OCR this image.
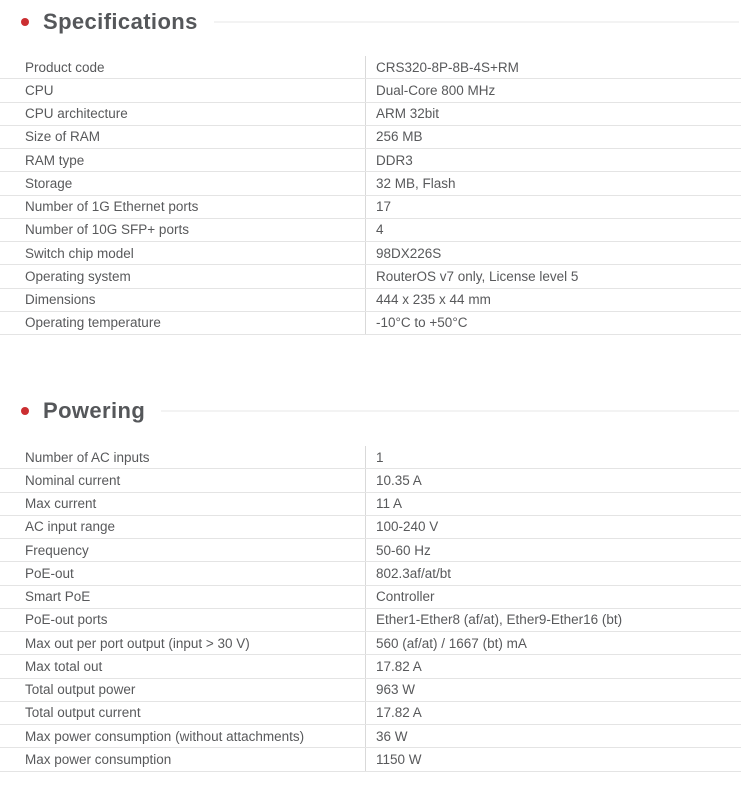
Specifications
Product code	CRS320-8P-8B-4S+RM
CPU	Dual-Core 800 MHz
CPU architecture	ARM 32bit
Size of RAM	256 MB
RAM type	DDR3
Storage	32 MB, Flash
Number of 1G Ethernet ports	17
Number of 10G SFP+ ports	4
Switch chip model	98DX226S
Operating system	RouterOS v7 only, License level 5
Dimensions	444 x 235 x 44 mm
Operating temperature	-10°C to +50°C
Powering
Number of AC inputs	1
Nominal current	10.35 A
Max current	11 A
AC input range	100-240 V
Frequency	50-60 Hz
PoE-out	802.3af/at/bt
Smart PoE	Controller
PoE-out ports	Ether1-Ether8 (af/at), Ether9-Ether16 (bt)
Max out per port output (input > 30 V)	560 (af/at) / 1667 (bt) mA
Max total out	17.82 A
Total output power	963 W
Total output current	17.82 A
Max power consumption (without attachments)	36 W
Max power consumption	1150 W
